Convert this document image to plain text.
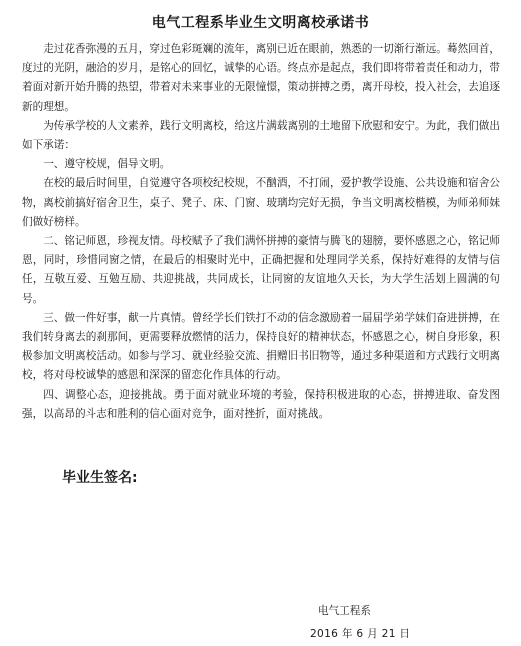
电气工程系毕业生文明离校承诺书

走过花香弥漫的五月，穿过色彩斑斓的流年，离别已近在眼前，熟悉的一切渐行渐远。蓦然回首，度过的光阴，融洽的岁月，是铭心的回忆，诚挚的心语。终点亦是起点，我们即将带着责任和动力，带着面对新开始升腾的热望，带着对未来事业的无限憧憬，策动拼搏之勇，离开母校，投入社会，去追逐新的理想。

为传承学校的人文素养，践行文明离校，给这片满载离别的土地留下欣慰和安宁。为此，我们做出如下承诺：

一、遵守校规，倡导文明。

在校的最后时间里，自觉遵守各项校纪校规，不酗酒，不打闹，爱护教学设施、公共设施和宿舍公物，离校前搞好宿舍卫生，桌子、凳子、床、门窗、玻璃均完好无损，争当文明离校楷模，为师弟师妹们做好榜样。

二、铭记师恩，珍视友情。母校赋予了我们满怀拼搏的豪情与腾飞的翅膀，要怀感恩之心，铭记师恩，同时，珍惜同窗之情，在最后的相聚时光中，正确把握和处理同学关系，保持好难得的友情与信任，互敬互爱、互勉互励、共迎挑战，共同成长，让同窗的友谊地久天长，为大学生活划上圆满的句号。

三、做一件好事，献一片真情。曾经学长们铁打不动的信念激励着一届届学弟学妹们奋进拼搏，在我们转身离去的刹那间，更需要释放燃情的活力，保持良好的精神状态，怀感恩之心，树自身形象，积极参加文明离校活动。如参与学习、就业经验交流、捐赠旧书旧物等，通过多种渠道和方式践行文明离校，将对母校诚挚的感恩和深深的留恋化作具体的行动。

四、调整心态，迎接挑战。勇于面对就业环境的考验，保持积极进取的心态，拼搏进取、奋发图强，以高昂的斗志和胜利的信心面对竞争，面对挫折，面对挑战。

毕业生签名:
电气工程系
2016 年 6 月 21 日
